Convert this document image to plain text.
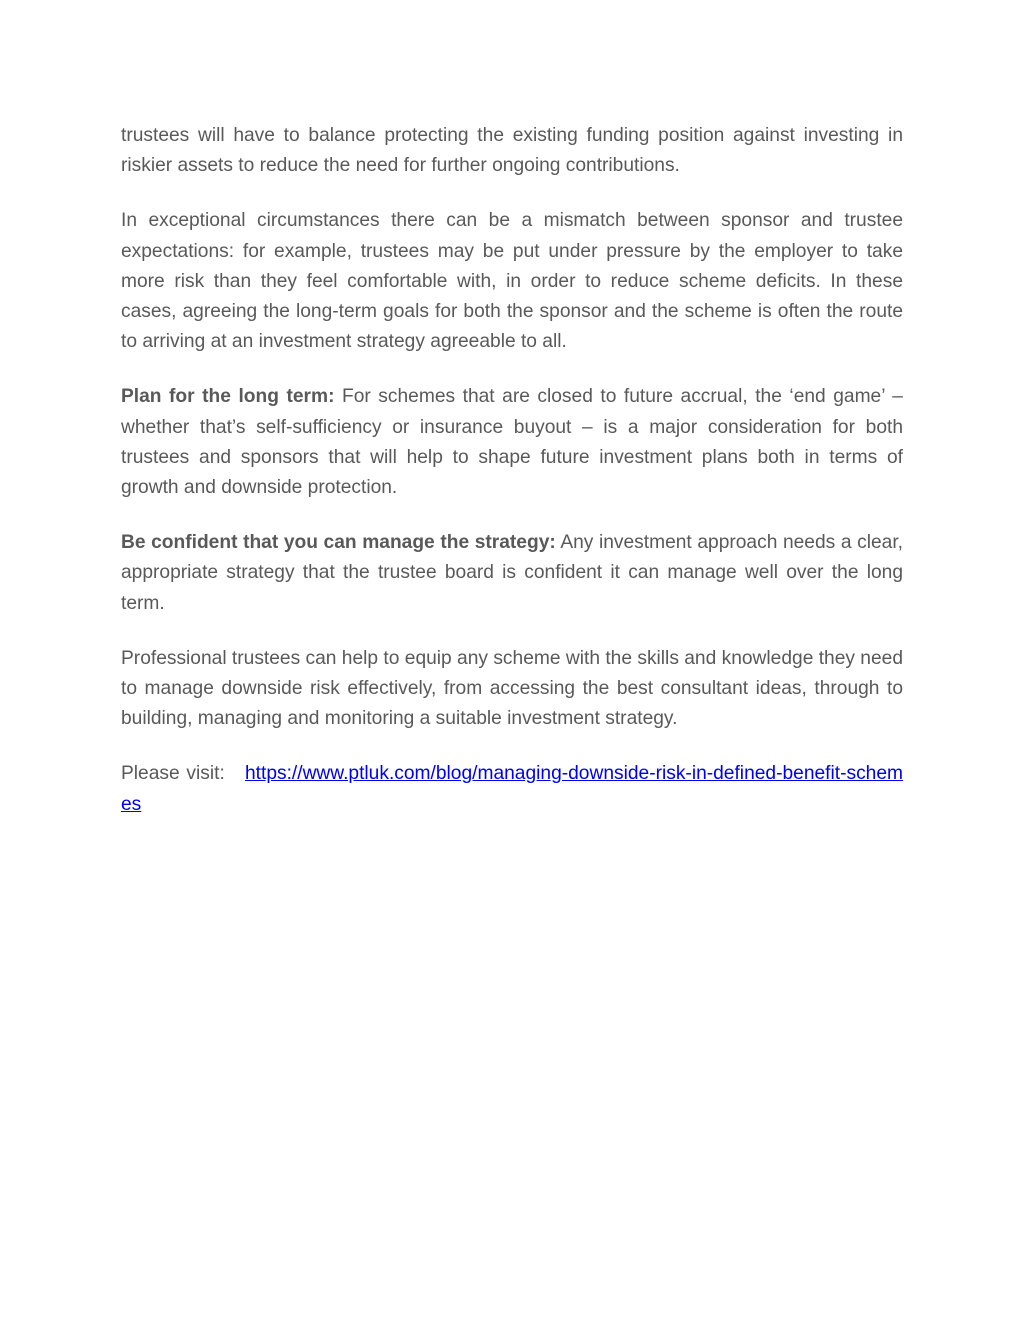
trustees will have to balance protecting the existing funding position against investing in riskier assets to reduce the need for further ongoing contributions.

In exceptional circumstances there can be a mismatch between sponsor and trustee expectations: for example, trustees may be put under pressure by the employer to take more risk than they feel comfortable with, in order to reduce scheme deficits. In these cases, agreeing the long-term goals for both the sponsor and the scheme is often the route to arriving at an investment strategy agreeable to all.

Plan for the long term: For schemes that are closed to future accrual, the ‘end game’ – whether that’s self-sufficiency or insurance buyout – is a major consideration for both trustees and sponsors that will help to shape future investment plans both in terms of growth and downside protection.

Be confident that you can manage the strategy: Any investment approach needs a clear, appropriate strategy that the trustee board is confident it can manage well over the long term.

Professional trustees can help to equip any scheme with the skills and knowledge they need to manage downside risk effectively, from accessing the best consultant ideas, through to building, managing and monitoring a suitable investment strategy.

Please visit: https://www.ptluk.com/blog/managing-downside-risk-in-defined-benefit-schemes
